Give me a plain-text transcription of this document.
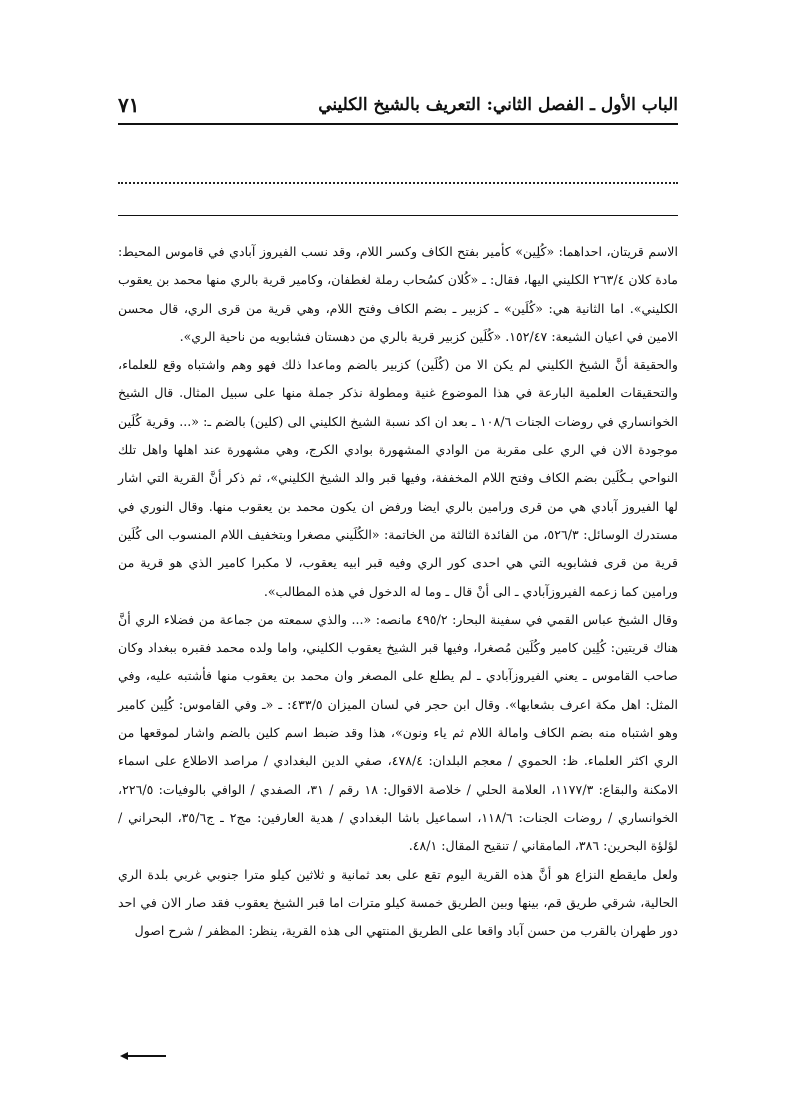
الباب الأول ـ الفصل الثاني: التعريف بالشيخ الكليني
٧١

الاسم قريتان، احداهما: «كُلِين» كأمير بفتح الكاف وكسر اللام، وقد نسب الفيروز آبادي في قاموس المحيط: مادة كلان ٢٦٣/٤ الكليني اليها، فقال: ـ «كُلان كسُحاب رملة لغطفان، وكامير قرية بالري منها محمد بن يعقوب الكليني». اما الثانية هي: «كُلَين» ـ كزبير ـ بضم الكاف وفتح اللام، وهي قرية من قرى الري، قال محسن الامين في اعيان الشيعة: ١٥٢/٤٧. «كُلَين كزبير قرية بالري من دهستان فشابويه من ناحية الري».

والحقيقة أنَّ الشيخ الكليني لم يكن الا من (كُلَين) كزبير بالضم وماعدا ذلك فهو وهم واشتباه وقع للعلماء، والتحقيقات العلمية البارعة في هذا الموضوع غنية ومطولة نذكر جملة منها على سبيل المثال. قال الشيخ الخوانساري في روضات الجنات ١٠٨/٦ ـ بعد ان اكد نسبة الشيخ الكليني الى (كلين) بالضم ـ: «... وقرية كُلَين موجودة الان في الري على مقربة من الوادي المشهورة بوادي الكرج، وهي مشهورة عند اهلها واهل تلك النواحي بـكُلَين بضم الكاف وفتح اللام المخففة، وفيها قبر والد الشيخ الكليني»، ثم ذكر أنَّ القرية التي اشار لها الفيروز آبادي هي من قرى ورامين بالري ايضا ورفض ان يكون محمد بن يعقوب منها. وقال النوري في مستدرك الوسائل: ٥٢٦/٣، من الفائدة الثالثة من الخاتمة: «الكُلَيني مصغرا وبتخفيف اللام المنسوب الى كُلَين قرية من قرى فشابويه التي هي احدى كور الري وفيه قبر ابيه يعقوب، لا مكبرا كامير الذي هو قرية من ورامين كما زعمه الفيروزآبادي ـ الى أنْ قال ـ وما له الدخول في هذه المطالب».

وقال الشيخ عباس القمي في سفينة البحار: ٤٩٥/٢ مانصه: «... والذي سمعته من جماعة من فضلاء الري أنَّ هناك قريتين: كُلِين كامير وكُلَين مُصغرا، وفيها قبر الشيخ يعقوب الكليني، واما ولده محمد فقبره ببغداد وكان صاحب القاموس ـ يعني الفيروزآبادي ـ لم يطلع على المصغر وان محمد بن يعقوب منها فأشتبه عليه، وفي المثل: اهل مكة اعرف بشعابها». وقال ابن حجر في لسان الميزان ٤٣٣/٥: ـ «ـ وفي القاموس: كُلِين كامير وهو اشتباه منه بضم الكاف وامالة اللام ثم ياء ونون»، هذا وقد ضبط اسم كلين بالضم واشار لموقعها من الري اكثر العلماء. ظ: الحموي / معجم البلدان: ٤٧٨/٤، صفي الدين البغدادي / مراصد الاطلاع على اسماء الامكنة والبقاع: ١١٧٧/٣، العلامة الحلي / خلاصة الاقوال: ١٨ رقم / ٣١، الصفدي / الوافي بالوفيات: ٢٢٦/٥، الخوانساري / روضات الجنات: ١١٨/٦، اسماعيل باشا البغدادي / هدية العارفين: مج٢ ـ ج٣٥/٦، البحراني / لؤلؤة البحرين: ٣٨٦، المامقاني / تنقيح المقال: ٤٨/١.

ولعل مايقطع النزاع هو أنَّ هذه القرية اليوم تقع على بعد ثمانية و ثلاثين كيلو مترا جنوبي غربي بلدة الري الحالية، شرقي طريق قم، بينها وبين الطريق خمسة كيلو مترات اما قبر الشيخ يعقوب فقد صار الان في احد دور طهران بالقرب من حسن آباد واقعا على الطريق المنتهي الى هذه القرية، ينظر: المظفر / شرح اصول
